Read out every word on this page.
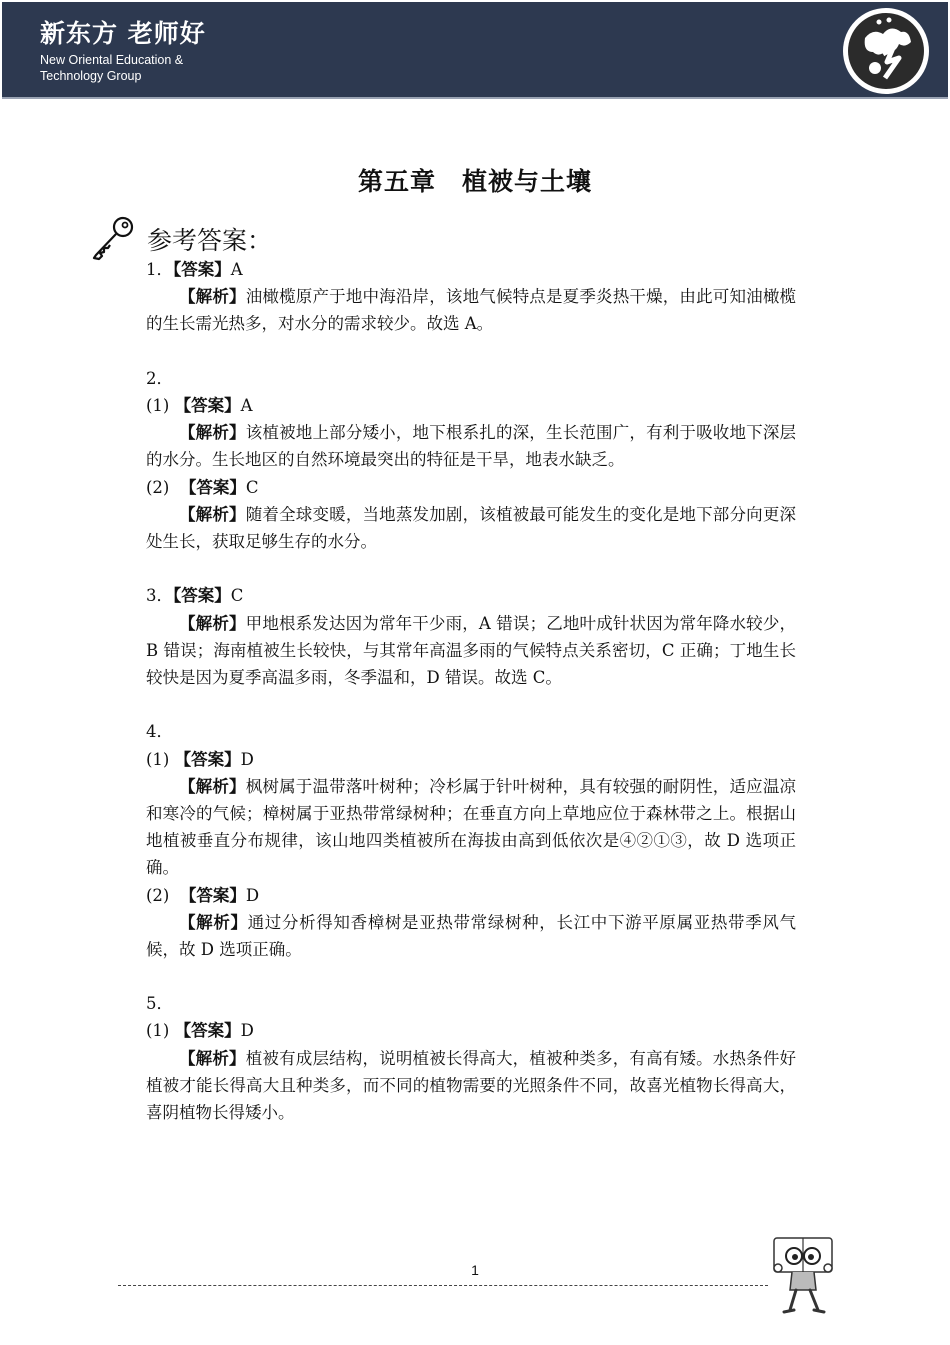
新东方 老师好
New Oriental Education &
Technology Group
第五章　植被与土壤
参考答案：
1．【答案】A
【解析】油橄榄原产于地中海沿岸，该地气候特点是夏季炎热干燥，由此可知油橄榄的生长需光热多，对水分的需求较少。故选 A。
2．
(1) 【答案】A
【解析】该植被地上部分矮小，地下根系扎的深，生长范围广，有利于吸收地下深层的水分。生长地区的自然环境最突出的特征是干旱，地表水缺乏。
(2) 【答案】C
【解析】随着全球变暖，当地蒸发加剧，该植被最可能发生的变化是地下部分向更深处生长，获取足够生存的水分。
3．【答案】C
【解析】甲地根系发达因为常年干少雨，A 错误；乙地叶成针状因为常年降水较少，B 错误；海南植被生长较快，与其常年高温多雨的气候特点关系密切，C 正确；丁地生长较快是因为夏季高温多雨，冬季温和，D 错误。故选 C。
4．
(1) 【答案】D
【解析】枫树属于温带落叶树种；冷杉属于针叶树种，具有较强的耐阴性，适应温凉和寒冷的气候；樟树属于亚热带常绿树种；在垂直方向上草地应位于森林带之上。根据山地植被垂直分布规律，该山地四类植被所在海拔由高到低依次是④②①③，故 D 选项正确。
(2) 【答案】D
【解析】通过分析得知香樟树是亚热带常绿树种，长江中下游平原属亚热带季风气候，故 D 选项正确。
5．
(1) 【答案】D
【解析】植被有成层结构，说明植被长得高大，植被种类多，有高有矮。水热条件好植被才能长得高大且种类多，而不同的植物需要的光照条件不同，故喜光植物长得高大，喜阴植物长得矮小。
1
